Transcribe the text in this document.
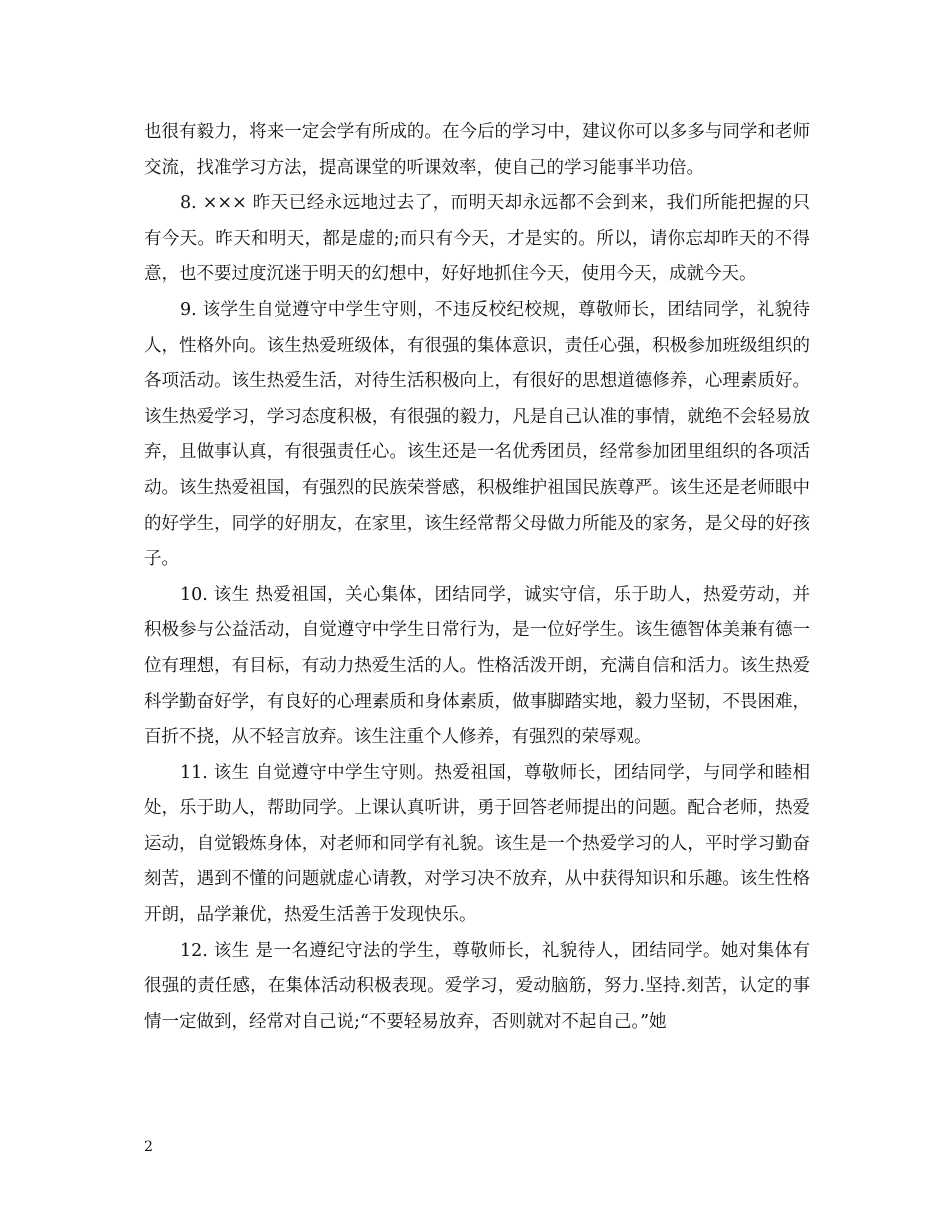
也很有毅力，将来一定会学有所成的。在今后的学习中，建议你可以多多与同学和老师交流，找准学习方法，提高课堂的听课效率，使自己的学习能事半功倍。

8. ××× 昨天已经永远地过去了，而明天却永远都不会到来，我们所能把握的只有今天。昨天和明天，都是虚的;而只有今天，才是实的。所以，请你忘却昨天的不得意，也不要过度沉迷于明天的幻想中，好好地抓住今天，使用今天，成就今天。

9. 该学生自觉遵守中学生守则，不违反校纪校规，尊敬师长，团结同学，礼貌待人，性格外向。该生热爱班级体，有很强的集体意识，责任心强，积极参加班级组织的各项活动。该生热爱生活，对待生活积极向上，有很好的思想道德修养，心理素质好。该生热爱学习，学习态度积极，有很强的毅力，凡是自己认准的事情，就绝不会轻易放弃，且做事认真，有很强责任心。该生还是一名优秀团员，经常参加团里组织的各项活动。该生热爱祖国，有强烈的民族荣誉感，积极维护祖国民族尊严。该生还是老师眼中的好学生，同学的好朋友，在家里，该生经常帮父母做力所能及的家务，是父母的好孩子。

10. 该生 热爱祖国，关心集体，团结同学，诚实守信，乐于助人，热爱劳动，并积极参与公益活动，自觉遵守中学生日常行为，是一位好学生。该生德智体美兼有德一位有理想，有目标，有动力热爱生活的人。性格活泼开朗，充满自信和活力。该生热爱科学勤奋好学，有良好的心理素质和身体素质，做事脚踏实地，毅力坚韧，不畏困难，百折不挠，从不轻言放弃。该生注重个人修养，有强烈的荣辱观。

11. 该生 自觉遵守中学生守则。热爱祖国，尊敬师长，团结同学，与同学和睦相处，乐于助人，帮助同学。上课认真听讲，勇于回答老师提出的问题。配合老师，热爱运动，自觉锻炼身体，对老师和同学有礼貌。该生是一个热爱学习的人，平时学习勤奋刻苦，遇到不懂的问题就虚心请教，对学习决不放弃，从中获得知识和乐趣。该生性格开朗，品学兼优，热爱生活善于发现快乐。

12. 该生 是一名遵纪守法的学生，尊敬师长，礼貌待人，团结同学。她对集体有很强的责任感，在集体活动积极表现。爱学习，爱动脑筋，努力.坚持.刻苦，认定的事情一定做到，经常对自己说;“不要轻易放弃，否则就对不起自己。”她

2
